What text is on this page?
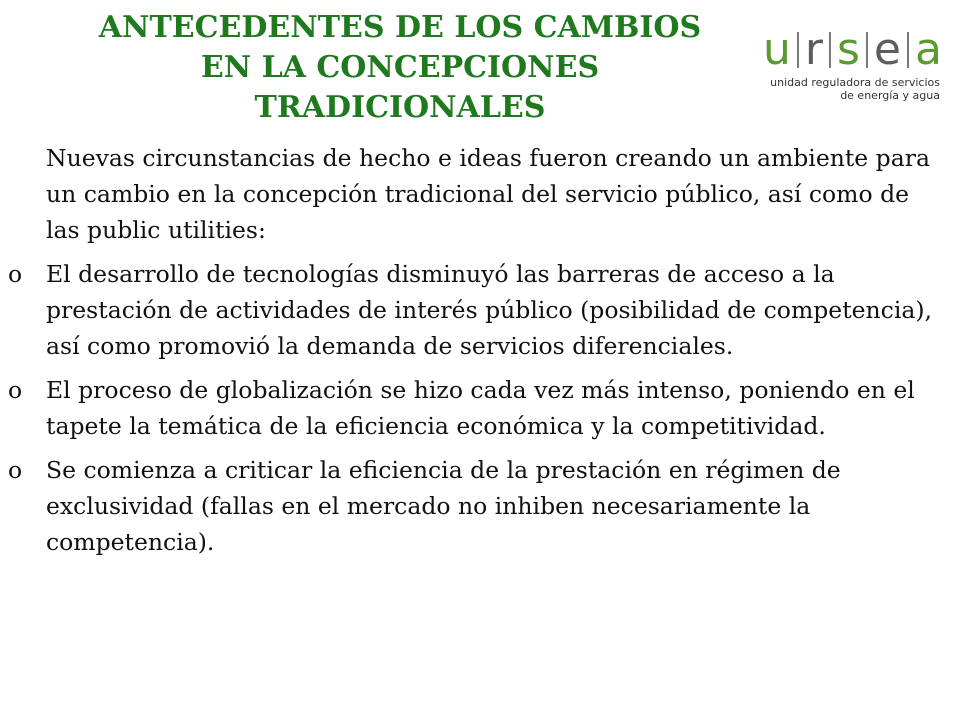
ANTECEDENTES DE LOS CAMBIOS
EN LA CONCEPCIONES
TRADICIONALES
u r s e a
unidad reguladora de servicios
de energía y agua

Nuevas circunstancias de hecho e ideas fueron creando un ambiente para un cambio en la concepción tradicional del servicio público, así como de las public utilities:

o	El desarrollo de tecnologías disminuyó las barreras de acceso a la prestación de actividades de interés público (posibilidad de competencia), así como promovió la demanda de servicios diferenciales.
o	El proceso de globalización se hizo cada vez más intenso, poniendo en el tapete la temática de la eficiencia económica y la competitividad.
o	Se comienza a criticar la eficiencia de la prestación en régimen de exclusividad (fallas en el mercado no inhiben necesariamente la competencia).
